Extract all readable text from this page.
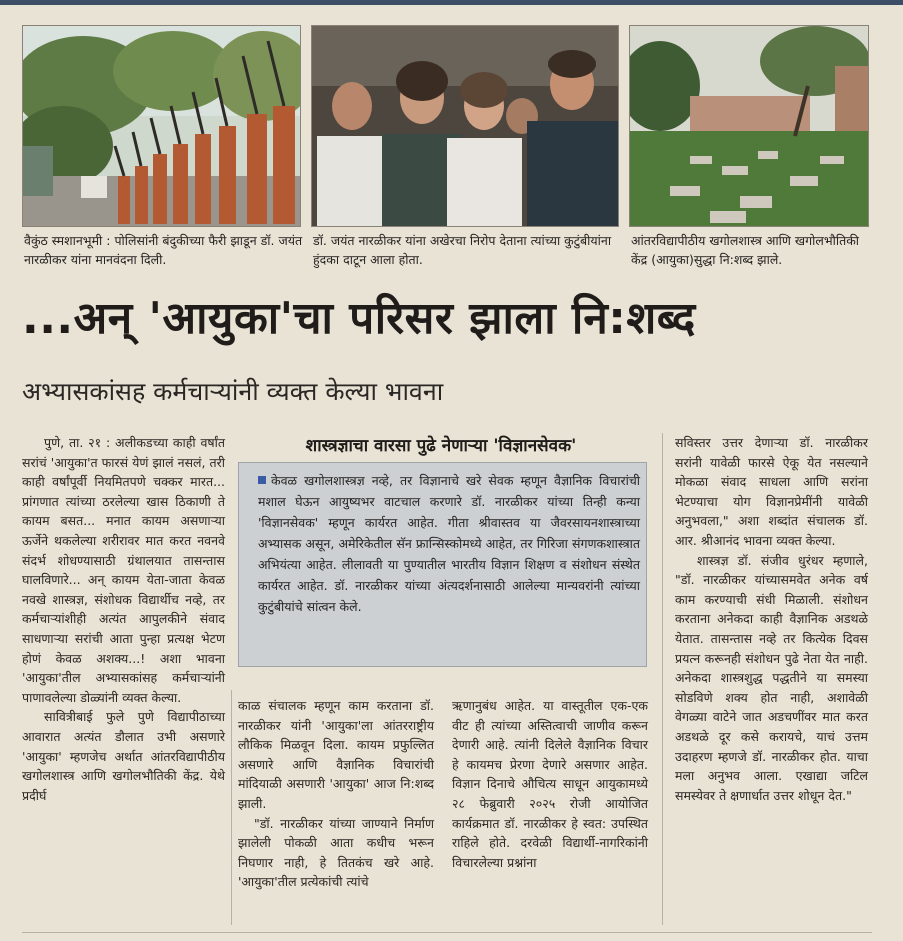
वैकुंठ स्मशानभूमी : पोलिसांनी बंदुकीच्या फैरी झाडून डॉ. जयंत नारळीकर यांना मानवंदना दिली.
डॉ. जयंत नारळीकर यांना अखेरचा निरोप देताना त्यांच्या कुटुंबीयांना हुंदका दाटून आला होता.
आंतरविद्यापीठीय खगोलशास्त्र आणि खगोलभौतिकी केंद्र (आयुका)सुद्धा नि:शब्द झाले.
...अन् 'आयुका'चा परिसर झाला नि:शब्द
अभ्यासकांसह कर्मचाऱ्यांनी व्यक्त केल्या भावना

पुणे, ता. २१ : अलीकडच्या काही वर्षांत सरांचं 'आयुका'त फारसं येणं झालं नसलं, तरी काही वर्षांपूर्वी नियमितपणे चक्कर मारत... प्रांगणात त्यांच्या ठरलेल्या खास ठिकाणी ते कायम बसत... मनात कायम असणाऱ्या ऊर्जेने थकलेल्या शरीरावर मात करत नवनवे संदर्भ शोधण्यासाठी ग्रंथालयात तासन्तास घालविणारे... अन् कायम येता-जाता केवळ नवखे शास्त्रज्ञ, संशोधक विद्यार्थीच नव्हे, तर कर्मचाऱ्यांशीही अत्यंत आपुलकीने संवाद साधणाऱ्या सरांची आता पुन्हा प्रत्यक्ष भेटण होणं केवळ अशक्य...! अशा भावना 'आयुका'तील अभ्यासकांसह कर्मचाऱ्यांनी पाणावलेल्या डोळ्यांनी व्यक्त केल्या.

सावित्रीबाई फुले पुणे विद्यापीठाच्या आवारात अत्यंत डौलात उभी असणारे 'आयुका' म्हणजेच अर्थात आंतरविद्यापीठीय खगोलशास्त्र आणि खगोलभौतिकी केंद्र. येथे प्रदीर्घ

शास्त्रज्ञाचा वारसा पुढे नेणाऱ्या 'विज्ञानसेवक'

केवळ खगोलशास्त्रज्ञ नव्हे, तर विज्ञानाचे खरे सेवक म्हणून वैज्ञानिक विचारांची मशाल घेऊन आयुष्यभर वाटचाल करणारे डॉ. नारळीकर यांच्या तिन्ही कन्या 'विज्ञानसेवक' म्हणून कार्यरत आहेत. गीता श्रीवास्तव या जैवरसायनशास्त्राच्या अभ्यासक असून, अमेरिकेतील सॅन फ्रान्सिस्कोमध्ये आहेत, तर गिरिजा संगणकशास्त्रात अभियंत्या आहेत. लीलावती या पुण्यातील भारतीय विज्ञान शिक्षण व संशोधन संस्थेत कार्यरत आहेत. डॉ. नारळीकर यांच्या अंत्यदर्शनासाठी आलेल्या मान्यवरांनी त्यांच्या कुटुंबीयांचे सांत्वन केले.

काळ संचालक म्हणून काम करताना डॉ. नारळीकर यांनी 'आयुका'ला आंतरराष्ट्रीय लौकिक मिळवून दिला. कायम प्रफुल्लित असणारे आणि वैज्ञानिक विचारांची मांदियाळी असणारी 'आयुका' आज नि:शब्द झाली.

"डॉ. नारळीकर यांच्या जाण्याने निर्माण झालेली पोकळी आता कधीच भरून निघणार नाही, हे तितकंच खरे आहे. 'आयुका'तील प्रत्येकांची त्यांचे

ऋणानुबंध आहेत. या वास्तूतील एक-एक वीट ही त्यांच्या अस्तित्वाची जाणीव करून देणारी आहे. त्यांनी दिलेले वैज्ञानिक विचार हे कायमच प्रेरणा देणारे असणार आहेत. विज्ञान दिनाचे औचित्य साधून आयुकामध्ये २८ फेब्रुवारी २०२५ रोजी आयोजित कार्यक्रमात डॉ. नारळीकर हे स्वत: उपस्थित राहिले होते. दरवेळी विद्यार्थी-नागरिकांनी विचारलेल्या प्रश्नांना

सविस्तर उत्तर देणाऱ्या डॉ. नारळीकर सरांनी यावेळी फारसे ऐकू येत नसल्याने मोकळा संवाद साधला आणि सरांना भेटण्याचा योग विज्ञानप्रेमींनी यावेळी अनुभवला," अशा शब्दांत संचालक डॉ. आर. श्रीआनंद भावना व्यक्त केल्या.

शास्त्रज्ञ डॉ. संजीव धुरंधर म्हणाले, "डॉ. नारळीकर यांच्यासमवेत अनेक वर्ष काम करण्याची संधी मिळाली. संशोधन करताना अनेकदा काही वैज्ञानिक अडथळे येतात. तासन्तास नव्हे तर कित्येक दिवस प्रयत्न करूनही संशोधन पुढे नेता येत नाही. अनेकदा शास्त्रशुद्ध पद्धतीने या समस्या सोडविणे शक्य होत नाही, अशावेळी वेगळ्या वाटेने जात अडचणींवर मात करत अडथळे दूर कसे करायचे, याचं उत्तम उदाहरण म्हणजे डॉ. नारळीकर होत. याचा मला अनुभव आला. एखाद्या जटिल समस्येवर ते क्षणार्धात उत्तर शोधून देत."
